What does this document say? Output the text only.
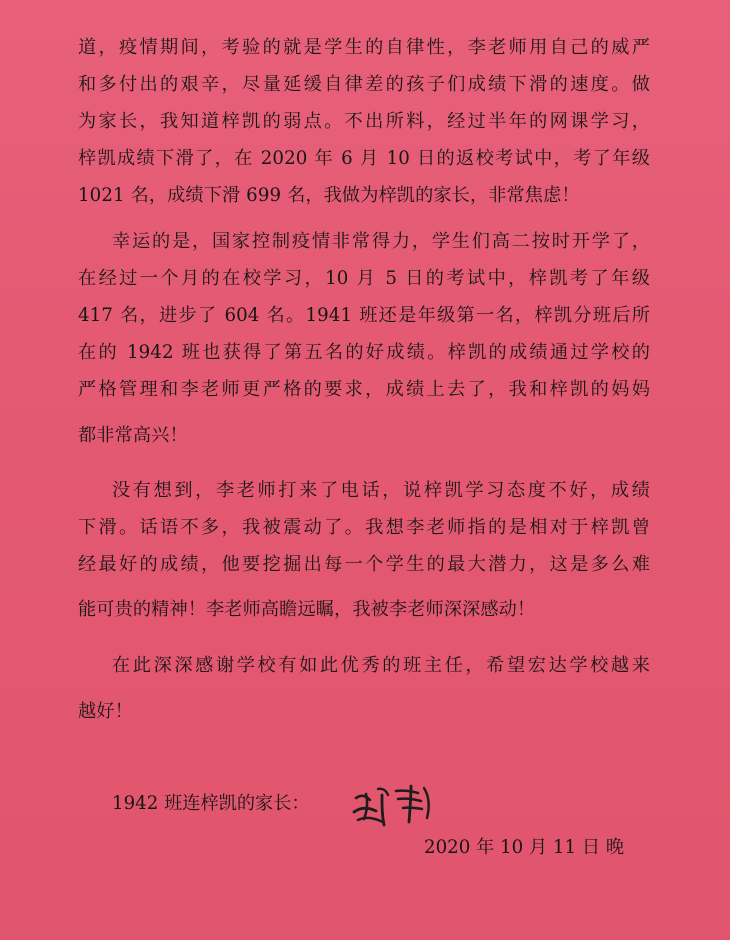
道，疫情期间，考验的就是学生的自律性，李老师用自己的威严
和多付出的艰辛，尽量延缓自律差的孩子们成绩下滑的速度。做
为家长，我知道梓凯的弱点。不出所料，经过半年的网课学习，
梓凯成绩下滑了，在 2020 年 6 月 10 日的返校考试中，考了年级
1021 名，成绩下滑 699 名，我做为梓凯的家长，非常焦虑！
幸运的是，国家控制疫情非常得力，学生们高二按时开学了，
在经过一个月的在校学习，10 月 5 日的考试中，梓凯考了年级
417 名，进步了 604 名。1941 班还是年级第一名，梓凯分班后所
在的 1942 班也获得了第五名的好成绩。梓凯的成绩通过学校的
严格管理和李老师更严格的要求，成绩上去了，我和梓凯的妈妈
都非常高兴！
没有想到，李老师打来了电话，说梓凯学习态度不好，成绩
下滑。话语不多，我被震动了。我想李老师指的是相对于梓凯曾
经最好的成绩，他要挖掘出每一个学生的最大潜力，这是多么难
能可贵的精神！李老师高瞻远瞩，我被李老师深深感动！
在此深深感谢学校有如此优秀的班主任，希望宏达学校越来
越好！
1942 班连梓凯的家长：
2020 年 10 月 11 日 晚
